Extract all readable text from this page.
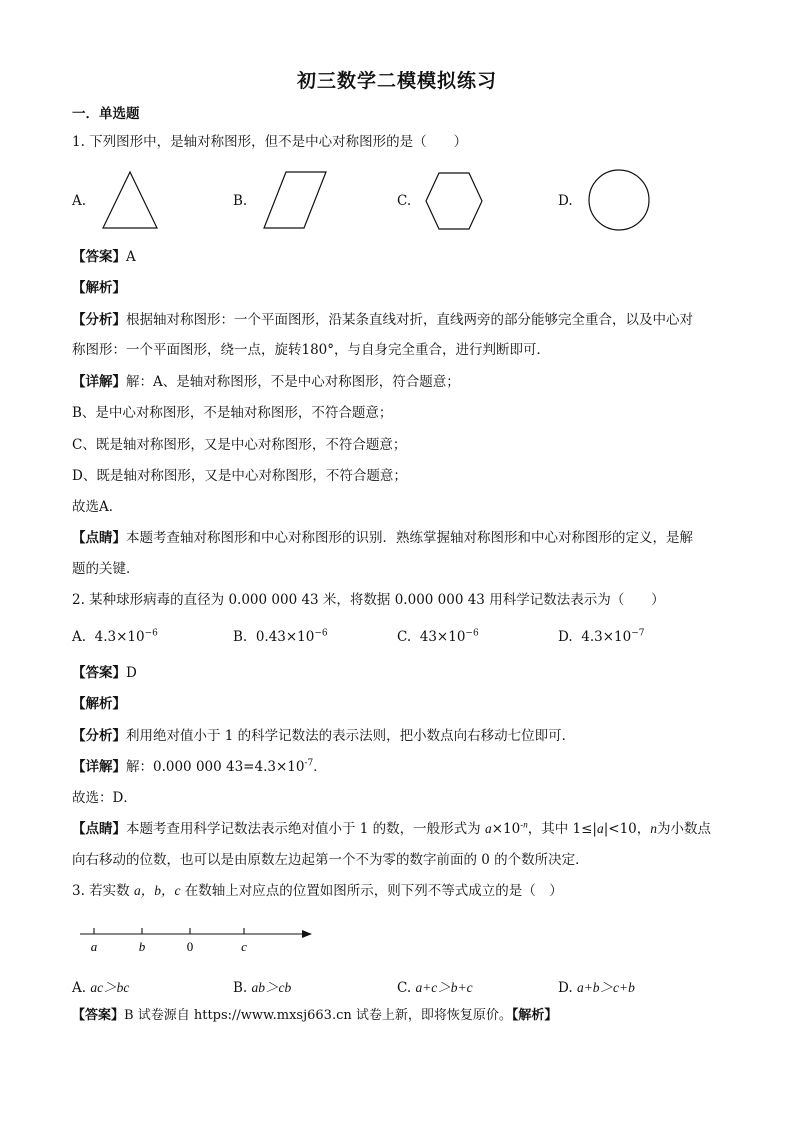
初三数学二模模拟练习
一．单选题
1. 下列图形中，是轴对称图形，但不是中心对称图形的是（　　）
A.	B.	C.	D.
【答案】A
【解析】
【分析】根据轴对称图形：一个平面图形，沿某条直线对折，直线两旁的部分能够完全重合，以及中心对
称图形：一个平面图形，绕一点，旋转180°，与自身完全重合，进行判断即可．
【详解】解：A、是轴对称图形，不是中心对称图形，符合题意；
B、是中心对称图形，不是轴对称图形，不符合题意；
C、既是轴对称图形，又是中心对称图形，不符合题意；
D、既是轴对称图形，又是中心对称图形，不符合题意；
故选A．
【点睛】本题考查轴对称图形和中心对称图形的识别．熟练掌握轴对称图形和中心对称图形的定义，是解
题的关键．
2. 某种球形病毒的直径为 0.000 000 43 米，将数据 0.000 000 43 用科学记数法表示为（　　）
A. $4.3\times 10^{-6}$	B. $0.43\times 10^{-6}$	C. $43\times 10^{-6}$	D. $4.3\times 10^{-7}$
【答案】D
【解析】
【分析】利用绝对值小于 1 的科学记数法的表示法则，把小数点向右移动七位即可．
【详解】解：0.000 000 $43=4.3\times 10^{-7}$．
故选：D．
【点睛】本题考查用科学记数法表示绝对值小于 1 的数，一般形式为 $a\times 10^{-n}$，其中 1≤|a|<10，n为小数点
向右移动的位数，也可以是由原数左边起第一个不为零的数字前面的 0 的个数所决定．
3. 若实数 a，b，c 在数轴上对应点的位置如图所示，则下列不等式成立的是（　）
a	b	0	c
A. ac＞bc	B. ab＞cb	C. a+c＞b+c	D. a+b＞c+b
【答案】B 试卷源自 https://www.mxsj663.cn 试卷上新，即将恢复原价。【解析】
